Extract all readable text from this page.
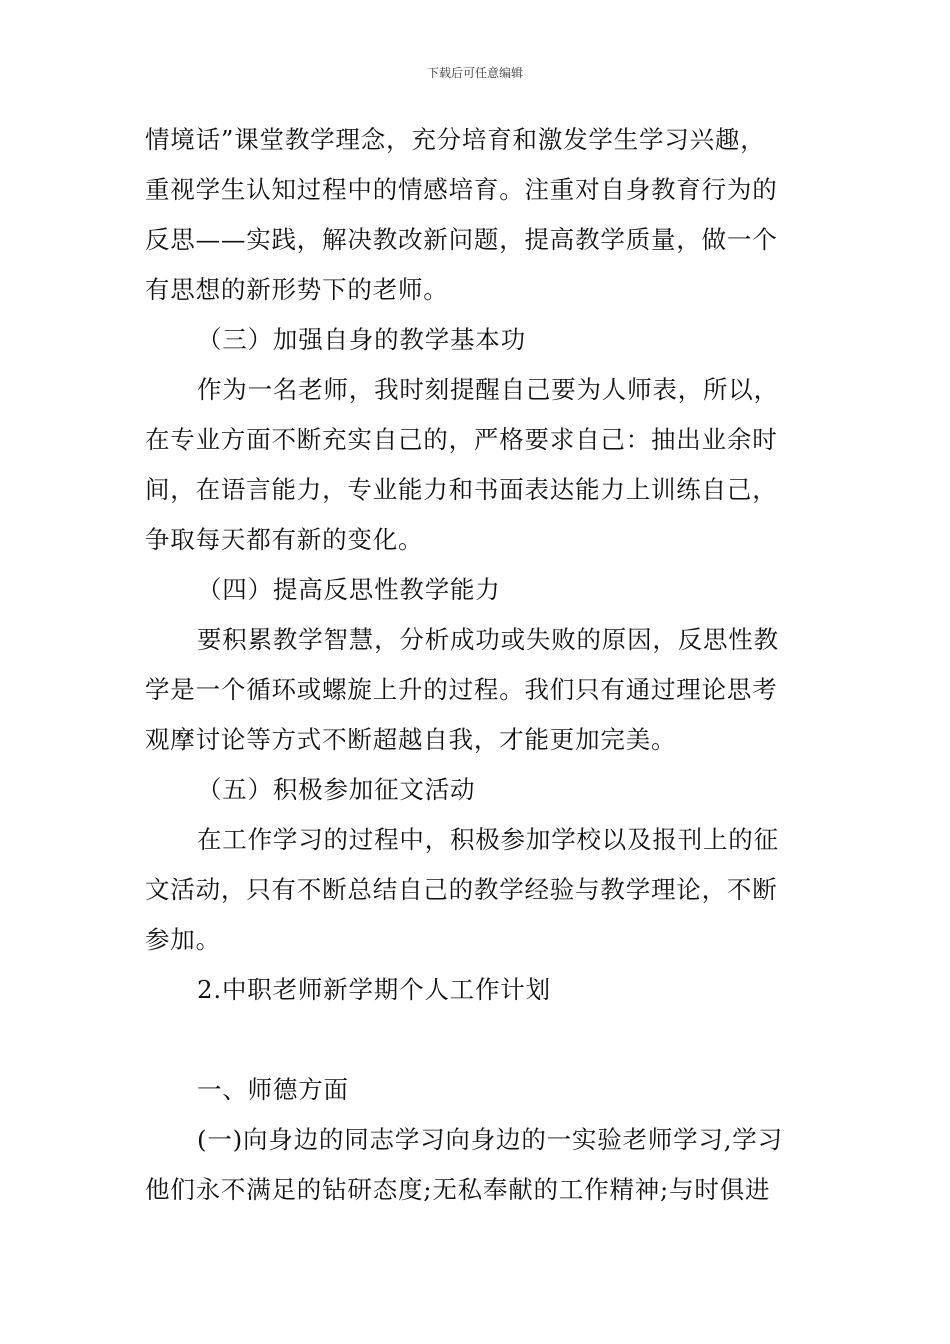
下载后可任意编辑
情境话”课堂教学理念，充分培育和激发学生学习兴趣，
重视学生认知过程中的情感培育。注重对自身教育行为的
反思——实践，解决教改新问题，提高教学质量，做一个
有思想的新形势下的老师。
（三）加强自身的教学基本功
作为一名老师，我时刻提醒自己要为人师表，所以，
在专业方面不断充实自己的，严格要求自己：抽出业余时
间，在语言能力，专业能力和书面表达能力上训练自己，
争取每天都有新的变化。
（四）提高反思性教学能力
要积累教学智慧，分析成功或失败的原因，反思性教
学是一个循环或螺旋上升的过程。我们只有通过理论思考
观摩讨论等方式不断超越自我，才能更加完美。
（五）积极参加征文活动
在工作学习的过程中，积极参加学校以及报刊上的征
文活动，只有不断总结自己的教学经验与教学理论，不断
参加。
2.中职老师新学期个人工作计划
一、师德方面
(一)向身边的同志学习向身边的一实验老师学习,学习
他们永不满足的钻研态度;无私奉献的工作精神;与时俱进
